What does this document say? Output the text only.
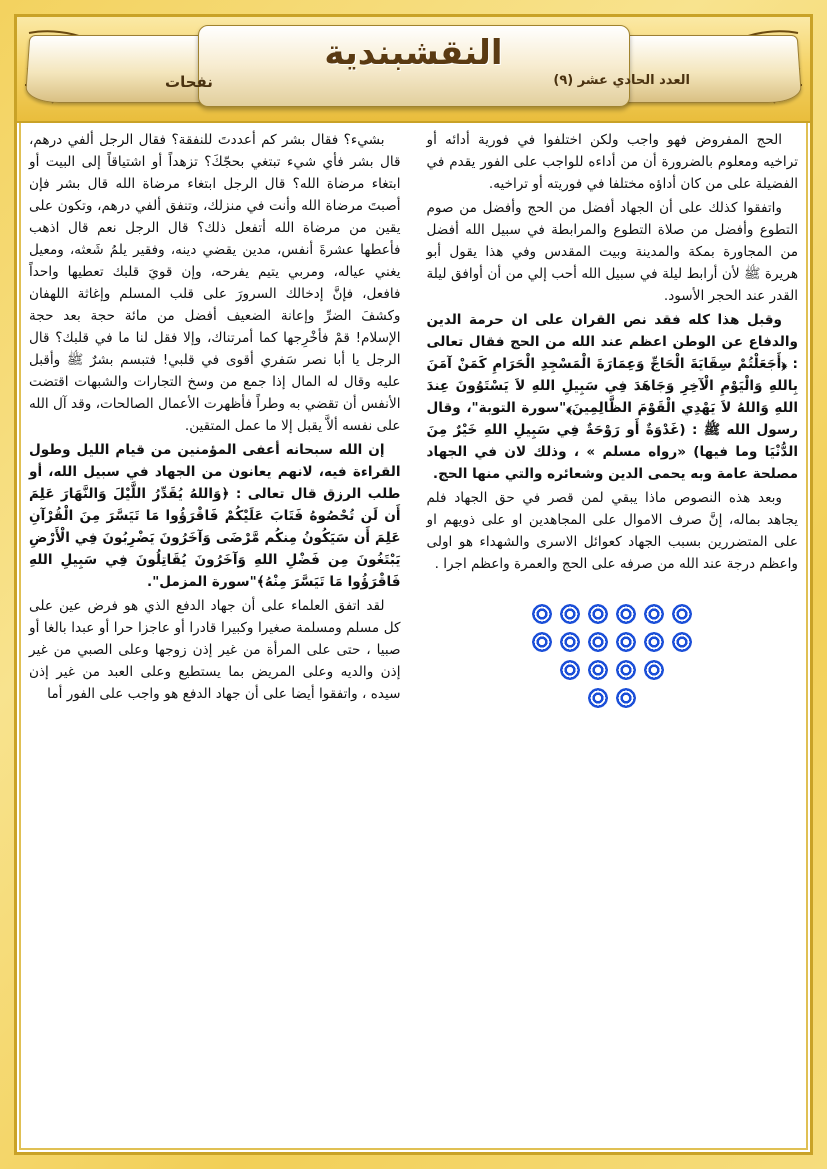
النقشبندية
العدد الحادي عشر (٩)
نفحات

الحج المفروض فهو واجب ولكن اختلفوا في فورية أدائه أو تراخيه ومعلوم بالضرورة أن من أداءه للواجب على الفور يقدم في الفضيلة على من كان أداؤه مختلفا في فوريته أو تراخيه.

واتفقوا كذلك على أن الجهاد أفضل من الحج وأفضل من صوم التطوع وأفضل من صلاة التطوع والمرابطة في سبيل الله أفضل من المجاورة بمكة والمدينة وبيت المقدس وفي هذا يقول أبو هريرة ﷺ لأن أرابط ليلة في سبيل الله أحب إلي من أن أوافق ليلة القدر عند الحجر الأسود.

وقبل هذا كله فقد نص القران على ان حرمة الدين والدفاع عن الوطن اعظم عند الله من الحج فقال تعالى : ﴿أَجَعَلْتُمْ سِقَايَةَ الْحَاجِّ وَعِمَارَةَ الْمَسْجِدِ الْحَرَامِ كَمَنْ آمَنَ بِاللهِ وَالْيَوْمِ الْآخِرِ وَجَاهَدَ فِي سَبِيلِ اللهِ لاَ يَسْتَوُونَ عِندَ اللهِ وَاللهُ لاَ يَهْدِي الْقَوْمَ الظَّالِمِينَ﴾"سورة التوبة"، وقال رسول الله ﷺ : (غَدْوَةٌ أَو رَوْحَةٌ فِي سَبِيلِ اللهِ خَيْرٌ مِنَ الدُّنْيَا وما فيها) «رواه مسلم » ، وذلك لان في الجهاد مصلحة عامة وبه يحمى الدين وشعائره والتي منها الحج.

وبعد هذه النصوص ماذا يبقي لمن قصر في حق الجهاد فلم يجاهد بماله، إنَّ صرف الاموال على المجاهدين او على ذويهم او على المتضررين بسبب الجهاد كعوائل الاسرى والشهداء هو اولى واعظم درجة عند الله من صرفه على الحج والعمرة واعظم اجرا .

بشيء؟ فقال بشر كم أعددتَ للنفقة؟ فقال الرجل ألفي درهم، قال بشر فأي شيء تبتغي بحجّكَ؟ تزهداً أو اشتياقاً إلى البيت أو ابتغاء مرضاة الله؟ قال الرجل ابتغاء مرضاة الله قال بشر فإن أصبتَ مرضاة الله وأنت في منزلك، وتنفق ألفي درهم، وتكون على يقين من مرضاة الله أتفعل ذلك؟ قال الرجل نعم قال اذهب فأعطها عشرةَ أنفس، مدين يقضي دينه، وفقير يلمُ شَعثه، ومعيل يغني عياله، ومربي يتيم يفرحه، وإن قويَ قلبك تعطيها واحداً فافعل، فإنَّ إدخالك السرورَ على قلب المسلم وإغاثة اللهفان وكشفَ الضرِّ وإعانة الضعيف أفضل من مائة حجة بعد حجة الإسلام! قمْ فأخْرِجها كما أمرتناك، وإلا فقل لنا ما في قلبك؟ قال الرجل يا أبا نصر سَفري أقوى في قلبي! فتبسم بشرٌ ﷺ وأقبل عليه وقال له المال إذا جمع من وسخ التجارات والشبهات اقتضت الأنفس أن تقضي به وطراً فأظهرت الأعمال الصالحات، وقد آل الله على نفسه ألاَّ يقبل إلا ما عمل المتقين.

إن الله سبحانه أعفى المؤمنين من قيام الليل وطول القراءة فيه، لانهم يعانون من الجهاد في سبيل الله، أو طلب الرزق قال تعالى : ﴿وَاللهُ يُقَدِّرُ اللَّيْلَ وَالنَّهَارَ عَلِمَ أَن لَن تُحْصُوهُ فَتَابَ عَلَيْكُمْ فَاقْرَؤُوا مَا تَيَسَّرَ مِنَ الْقُرْآنِ عَلِمَ أَن سَيَكُونُ مِنكُم مَّرْضَى وَآخَرُونَ يَضْرِبُونَ فِي الْأَرْضِ يَبْتَغُونَ مِن فَضْلِ اللهِ وَآخَرُونَ يُقَاتِلُونَ فِي سَبِيلِ اللهِ فَاقْرَؤُوا مَا تَيَسَّرَ مِنْهُ﴾"سورة المزمل".

لقد اتفق العلماء على أن جهاد الدفع الذي هو فرض عين على كل مسلم ومسلمة صغيرا وكبيرا قادرا أو عاجزا حرا أو عبدا بالغا أو صبيا ، حتى على المرأة من غير إذن زوجها وعلى الصبي من غير إذن والديه وعلى المريض بما يستطيع وعلى العبد من غير إذن سيده ، واتفقوا أيضا على أن جهاد الدفع هو واجب على الفور أما
